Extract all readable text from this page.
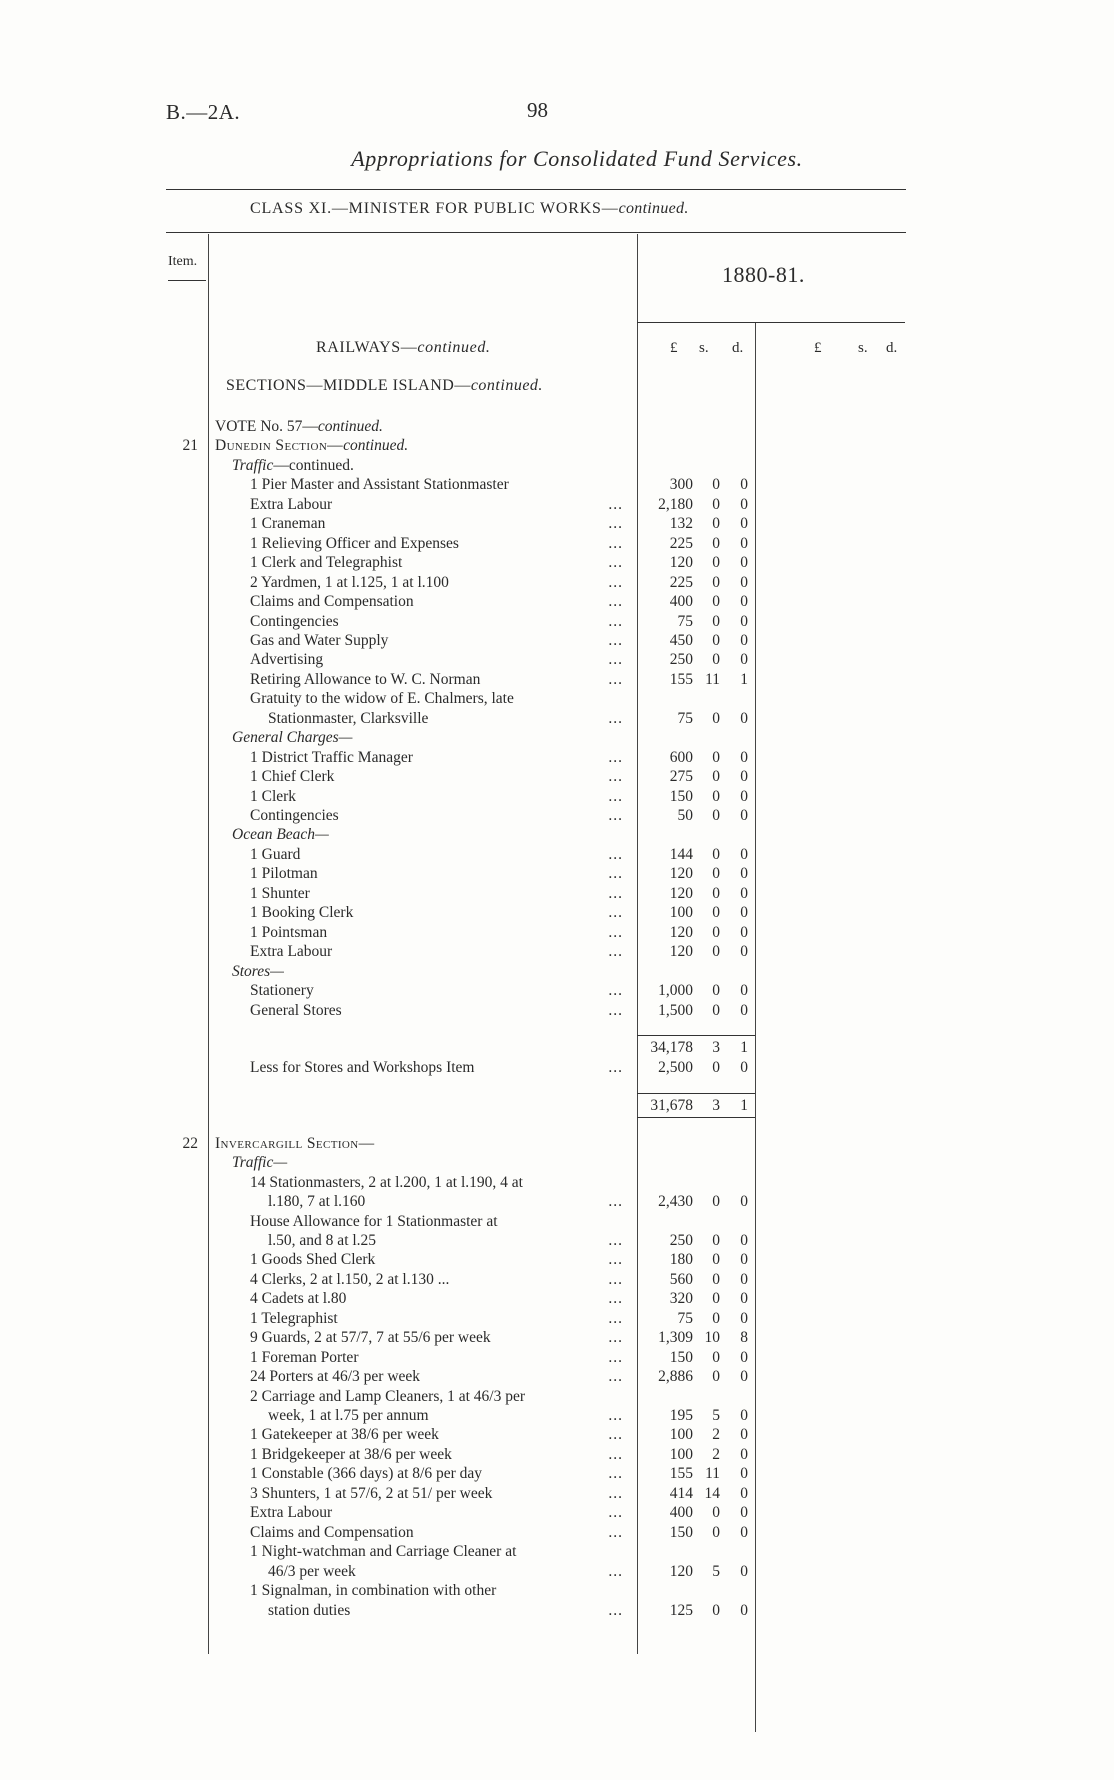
B.—2A.	98
Appropriations for Consolidated Fund Services.
CLASS XI.—MINISTER FOR PUBLIC WORKS—continued.
Item.
1880-81.
£ s. d.	£ s. d.
RAILWAYS—continued.
SECTIONS—MIDDLE ISLAND—continued.
VOTE No. 57—continued.
21 Dunedin Section—continued.
Traffic—continued.
1 Pier Master and Assistant Stationmaster	300	0	0
Extra Labour	...	2,180	0	0
1 Craneman	...	132	0	0
1 Relieving Officer and Expenses	...	225	0	0
1 Clerk and Telegraphist	...	120	0	0
2 Yardmen, 1 at l.125, 1 at l.100	...	225	0	0
Claims and Compensation	...	400	0	0
Contingencies	...	75	0	0
Gas and Water Supply	...	450	0	0
Advertising	...	250	0	0
Retiring Allowance to W. C. Norman	...	155 11	1
Gratuity to the widow of E. Chalmers, late
Stationmaster, Clarksville	...	75	0	0
General Charges—
1 District Traffic Manager	...	600	0	0
1 Chief Clerk	...	275	0	0
1 Clerk	...	150	0	0
Contingencies	...	50	0	0
Ocean Beach—
1 Guard	...	144	0	0
1 Pilotman	...	120	0	0
1 Shunter	...	120	0	0
1 Booking Clerk	...	100	0	0
1 Pointsman	...	120	0	0
Extra Labour	...	120	0	0
Stores—
Stationery	...	1,000	0	0
General Stores	...	1,500	0	0
34,178	3	1
Less for Stores and Workshops Item	...	2,500	0	0
31,678	3	1
22 Invercargill Section—
Traffic—
14 Stationmasters, 2 at l.200, 1 at l.190, 4 at
l.180, 7 at l.160	...	2,430	0	0
House Allowance for 1 Stationmaster at
l.50, and 8 at l.25	...	250	0	0
1 Goods Shed Clerk	...	180	0	0
4 Clerks, 2 at l.150, 2 at l.130 ...	...	560	0	0
4 Cadets at l.80	...	320	0	0
1 Telegraphist	...	75	0	0
9 Guards, 2 at 57/7, 7 at 55/6 per week	...	1,309 10	8
1 Foreman Porter	...	150	0	0
24 Porters at 46/3 per week	...	2,886	0	0
2 Carriage and Lamp Cleaners, 1 at 46/3 per
week, 1 at l.75 per annum	...	195	5	0
1 Gatekeeper at 38/6 per week	...	100	2	0
1 Bridgekeeper at 38/6 per week	...	100	2	0
1 Constable (366 days) at 8/6 per day	...	155 11	0
3 Shunters, 1 at 57/6, 2 at 51/ per week	...	414 14	0
Extra Labour	...	400	0	0
Claims and Compensation	...	150	0	0
1 Night-watchman and Carriage Cleaner at
46/3 per week	...	120	5	0
1 Signalman, in combination with other
station duties	...	125	0	0
